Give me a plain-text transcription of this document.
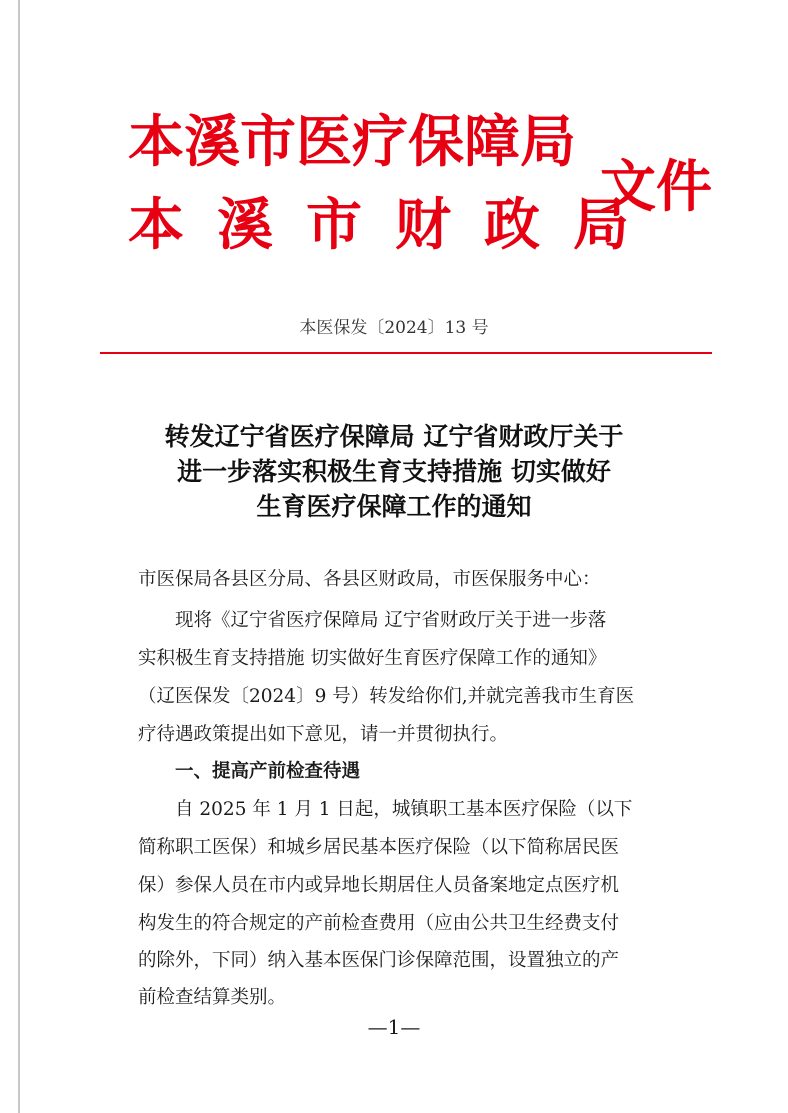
本溪市医疗保障局
本溪市财政局
文件
本医保发〔2024〕13 号
转发辽宁省医疗保障局 辽宁省财政厅关于
进一步落实积极生育支持措施 切实做好
生育医疗保障工作的通知
市医保局各县区分局、各县区财政局，市医保服务中心：
　　现将《辽宁省医疗保障局 辽宁省财政厅关于进一步落
实积极生育支持措施 切实做好生育医疗保障工作的通知》
（辽医保发〔2024〕9 号）转发给你们,并就完善我市生育医
疗待遇政策提出如下意见，请一并贯彻执行。
　　一、提高产前检查待遇
　　自 2025 年 1 月 1 日起，城镇职工基本医疗保险（以下
简称职工医保）和城乡居民基本医疗保险（以下简称居民医
保）参保人员在市内或异地长期居住人员备案地定点医疗机
构发生的符合规定的产前检查费用（应由公共卫生经费支付
的除外，下同）纳入基本医保门诊保障范围，设置独立的产
前检查结算类别。
—1—
